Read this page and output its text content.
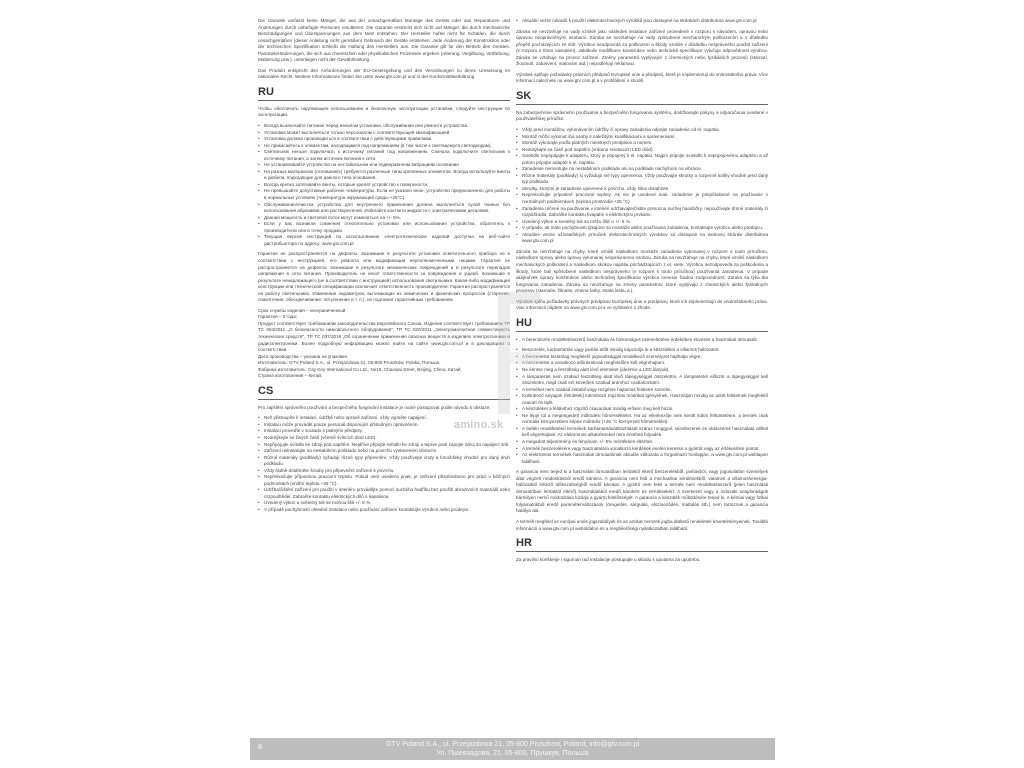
Die Garantie umfasst keine Mängel, die aus der unsachgemäßen Montage des Geräts oder aus Reparaturen und Änderungen durch unbefugte Personen resultieren. Die Garantie erstreckt sich nicht auf Mängel, die durch mechanische Beschädigungen und Überspannungen aus dem Netz entstehen. Der Hersteller haftet nicht für Schäden, die durch unsachgemäßen (dieser Anleitung nicht gemäßen) Gebrauch der Geräte entstehen. Jede Änderung der Konstruktion oder der technischen Spezifikation schließt die Haftung des Herstellers aus. Die Garantie gilt für den Betrieb des Gerätes. Parameteränderungen, die sich aus chemischen oder physikalischen Prozessen ergeben (Alterung, Vergilbung, Verfärbung, Mattierung usw.), unterliegen nicht der Gewährleistung.

Das Produkt entspricht den Anforderungen der EU-Gesetzgebung und den Verordnungen zu deren Umsetzung im nationalen Recht. Weitere Informationen finden Sie unter www.gtv.com.pl und in der Konformitätserklärung

RU

Чтобы обеспечить надлежащее использование и безопасную эксплуатацию установки, следуйте инструкции по эксплуатации.

• Всегда выключайте питание перед началом установки, обслуживания или ремонта устройства.
• Установка может выполняться только персоналом с соответствующей квалификацией.
• Установка должна производиться в соответствии с действующими правилами.
• Не прикасайтесь к элементам, находящимся под напряжением (в том числе к светящемуся светодиодам).
• Светильник нельзя подключать к источнику питания под напряжением. Сначала подключите светильник к источнику питания, а затем источник питания к сети.
• Не устанавливайте устройство на нестабильном или подверженном вибрациям основании
• На разных материалах (основаниях) требуются различные типы крепежных элементов. Всегда используйте винты и дюбели, подходящие для данного типа основания.
• Всегда крепко затягивайте винты, которые крепят устройство к поверхности.
• Не превышайте допустимые рабочие температуры. Если не указано иное, устройство предназначено для работы в нормальных условиях (температура окружающей среды +25°C).
• Обслуживание/очистка устройства для внутреннего применения должна выполняться сухой тканью без использования абразивов или растворителей. Избегайте контакта жидкости с электрическими деталями.
• Данная мощность и световой поток могут изменяться на +/- 5%.
• Если у вас возникли сомнения относительно установки или использования устройства, обратитесь к производителю или в точку продажи.
• Текущая версия инструкций по использованию электротехнических изделий доступна на веб-сайте дистрибьютора по адресу: www.gtv.com.pl

Гарантия не распространяется на дефекты, возникшие в результате установки осветительного прибора не в соответствии с инструкцией, его ремонта или модификации неуполномоченными лицами. Гарантия не распространяется на дефекты, возникшие в результате механических повреждений и в результате перепадов напряжения в сети питания. Производитель не несет ответственности за повреждения и ущерб, возникшие в результате ненадлежащего (не в соответствии с инструкцией) использования светильника. Какая-либо модификация конструкции или технической спецификации исключает ответственность производителя. Гарантия распространяется на работу светильника. Изменение параметров, вытекающих из химических и физических процессов (старение, пожелтение, обесцвечивание, потускнение и т. п.), не подлежит гарантийным требованиям.

Срок службы изделия – неограниченный

Гарантия – 2 года;

Продукт соответствует требованиям законодательства Европейского Союза. Изделие соответствует требованиям ТР ТС 004/2011 „О безопасности низковольтного оборудования", ТР ТС 020/2011 „Электромагнитная совместимость технических средств", ТР ТС 037/2016 „Об ограничении применения опасных веществ в изделиях электротехники и радиоэлектроники. Более подробную информацию можно найти на сайте www.gtv.com.pl и в декларациях о соответствии.

Дата производства – указана на упаковке.

Изготовитель: GTV Poland S.A., ul. Przejazdowa 21, 05-800 Pruszków, Polska, Польша.

Фабрика изготовитель: City Key International Co Ltd., No19, Chaowai street, Beijing, China, Китай.

Страна изготовления – Китай.

CS

Pro zajištění správného používání a bezpečného fungování instalace je nutné postupovat podle návodu k obsluze.

• Než přistoupíte k instalaci, údržbě nebo opravě zařízení, vždy vypněte napájení.
• Instalaci může provádět pouze personál disponující příslušným oprávněním.
• Instalaci proveďte v souladu s platnými předpisy.
• Nedotýkejte se živých částí (včetně svíticích diod LED).
• Nepřipojujte svítidlo ke zdroji pod napětím. Nejdříve připojte svítidlo ke zdroji a teprve poté zapojte zdroj do napájecí sítě.
• Zařízení neinstalujte na nestabilním podkladu nebo na povrchu vystaveném vibracím.
• Různé materiály (podklady) vyžadují různé typy připevnění. Vždy používejte vruty a hmoždinky vhodné pro daný druh podkladu.
• Vždy řádně dotáhněte šrouby pro připevnění zařízení k povrchu.
• Nepřekračujte přípustnou pracovní teplotu. Pokud není uvedeno jinak, je zařízení přizpůsobeno pro práci v běžných podmínkách (vnitřní teplota +25 °C).
• Údržba/čištění zařízení pro použití v interiéru provádějte pomocí suchého hadříku bez použití abrazivních materiálů nebo rozpouštědel. Zabraňte kontaktu elektrických dílů s kapalinou.
• Uvedený výkon a světelný tok se mohou lišit +/- 5 %.
• V případě pochybností ohledně instalace nebo používání zařízení kontaktujte výrobce nebo prodejce.
• Aktuální verze návodů k použití elektrotechnických výrobků jsou dostupné na stránkách distributora www.gtv.com.pl

Záruka se nevztahuje na vady vzniklé jako následek instalace zařízení provedené v rozporu s návodem, opravou nebo úpravou neoprávněnými osobami. Záruka se nevztahuje na vady způsobené mechanickým poškozením a v důsledku přepětí pocházejících ze sítě. Výrobce neodpovídá za poškození a škody vzniklé v důsledku nesprávného použití zařízení (v rozporu s tímto návodem). Jakákoliv modifikace konstrukce nebo technické specifikace vylučuje odpovědnost výrobce. Záruka se vztahuje na provoz zařízení. Změny parametrů vyplývající z chemických nebo fyzikálních procesů (stárnutí, žloutnutí, zabarvení, matování atd.) nepodléhají reklamaci.

Výrobek splňuje požadavky právních předpisů Evropské unie a předpisů, které je implementují do vnitrostátního práva. Více informací naleznete na www.gtv.com.pl a v prohlášení o shodě.

SK

Na zabezpečenie správneho používania a bezpečného fungovania systému, dodržiavajte pokyny a odporúčania uvedené v používateľskej príručke.

• Vždy pred montážou, vykonávaním údržby či opravy zariadenia odpojte zariadenie od el. napätia.
• Montáž môžu vykonať iba osoby s náležitými kvalifikáciami a oprávneniami.
• Montáž vykonajte podľa platných miestnych predpisov a noriem.
• Nedotýkajte sa častí pod napätím (vrátane svietiacich LED diód).
• Svietidlo nepripájajte k adaptéru, ktorý je pripojený k el. napätiu. Najprv pripojte svietidlo k nepripojenému adaptéru a až potom pripojte adaptér k el. napätiu.
• Zariadenie nemontujte na nestabilnom podklade ani na podklade náchylnom na vibrácie.
• Rôzne materiály (podklady) si vyžadujú iné typy upevnenia. Vždy používajte skrutky a rozperné kolíky vhodné pred daný typ podkladu.
• Skrutky, ktorými je zariadenie upevnené k povrchu, vždy silno dotiahnite.
• Neprekračujte prípustné pracovné teploty. Ak nie je uvedené inak, zariadenie je prispôsobené na používanie v normálnych podmienkach (teplota prostredia +25 °C)
• Zariadenia určené na používanie v interiéri udržiavajte/čistite pomocou suchej handričky, nepoužívajte drsné materiály či rozpúšťadlá. Zabráňte kontaktu kvapalín s elektrickými prvkami.
• Uvedený výkon a svetelný tok sa môžu líšiť o +/- 5 %.
• V prípade, ak máte pochybnosti týkajúce sa montáže alebo používania zariadenia, kontaktujte výrobcu alebo predajcu.
• Aktuálne verzie užívateľských príručiek elektrotechnických výrobkov sú dostupné na webovej stránke distribútora www.gtv.com.pl

Záruka sa nevzťahuje na chyby, ktoré vznikli následkom montáže zariadenia vykonanej v rozpore s touto príručkou, následkom opravy alebo úpravy vykonanej neoprávnenou osobou. Záruka sa nevzťahuje na chyby, ktoré vznikli následkom mechanických poškodení a následkom skokov napätia prichádzajúcich z el. siete. Výrobca nezodpovedá za poškodenia a škody, ktoré boli spôsobené následkom nesprávneho (v rozpore s touto príručkou) používania zariadenia. V prípade akejkoľvek úpravy konštrukcie alebo technickej špecifikácie výrobca nenesie žiadnu zodpovednosť. Záruka sa týka iba fungovania zariadenia. Záruka sa nevzťahuje na zmeny parametrov, ktoré vyplývajú z chemických alebo fyzikálnych procesov (starnutie, žltnutie, zmena farby, strata lesku a.).

Výrobok spĺňa požiadavky právnych predpisov Európskej únie a predpisov, ktoré ich implementujú do vnútroštátneho práva. Viac informácií nájdete na www.gtv.com.pl a vo vyhlásení o zhode.

HU
• A berendezés rendeltetésszerű használata és biztonságos üzemeltetése érdekében kövesse a használati útmutatót.
• Beszerelés, karbantartás vagy javítás előtt mindig kapcsolja le a készüléket a villamos hálózatról.
• A beszerelést kizárólag megfelelő jogosultsággal rendelkező személyzet hajthatja végre.
• A beszerelést a vonatkozó előírásoknak megfelelően kell végrehajtani.
• Ne érintse meg a feszültség alatt lévő elemeket (ideértve a LED lámpát).
• A lámpatestet nem szabad feszültség alatt lévő tápegységgel összekötni. A lámpatestet először a tápegységgel kell összekötni, majd csak ezt követően szabad áramhoz csatlakoztatni.
• A terméket nem szabad instabil vagy rezgésre hajlamos felületre szerelni.
• Különböző anyagok (felületek) különböző rögzítési módokat igényelnek. Használjon mindig az adott felületnek megfelelő csavart és tiplit.
• A készüléket a felülethez rögzítő csavarokat mindig erősen meg kell húzni.
• Ne lépje túl a megengedett működési hőmérsékletet. Ha az ellenkezője nem került külön feltüntetésre, a termék csak normális környezetben képes működni (+25 °C környezeti hőmérséklet).
• A beltéri rendeltetésű termékek karbantartását/tisztítását száraz ronggyal, súrolószerek és oldószerek használata nélkül kell végrehajtani. Az elektromos alkatrészeket nem érintheti folyadék.
• A megadott teljesítmény és fényáram +/- 5% mértékben eltérhet.
• A termék beszerelésére vagy használatára vonatkozó kérdések esetén keresse a gyártót vagy az értékesítési pontot.
• Az elektromos termékek használati útmutatóinak aktuális változata a forgalmazó honlapján, a www.gtv.com.pl weblapon található.

A garancia nem terjed ki a használati útmutatóban leírtaktól eltérő beszerelésből, javításból, vagy jogosulatlan személyek által végzett módosításból eredő károkra. A garancia nem fedi a mechanikai sérülésekből, valamint a villamoshenergia-hálózatból érkező túlfeszültségből eredő károkat. A gyártó nem felel a termék nem rendeltetésszerű (jelen használati útmutatóban leírtaktól eltérő) használatából eredő károkért és sérülésekért. A szerkezet vagy a műszaki tulajdonságok bármilyen nemű módosítása kizárja a gyártó felelősségét. A garancia a készülék működésére terjed ki. A kémiai vagy fizikai folyamatokból eredő paraméterváltozások (öregedés, sárgulás, elszíneződés, mattulás stb.) nem tartoznak a garancia hatálya alá.

A termék megfelel az európai uniós jogszabályok és az azokat nemzeti jogba átültető rendeletek követelményeinek. További információ a www.gtv.com.pl weboldalon és a megfelelőségi nyilatkozatban található.

HR

Za pravilno korištenje i sigurnan rad instalacije postupajte u skladu s uputama za upotrebu.

amino.sk
8	GTV Poland S.A., ul. Przejazdowa 21, 05-800 Pruszkow, Poland, info@gtv.com.pl
Ул. Пшеязадова, 21, 05-800, Прушкув, Польша
